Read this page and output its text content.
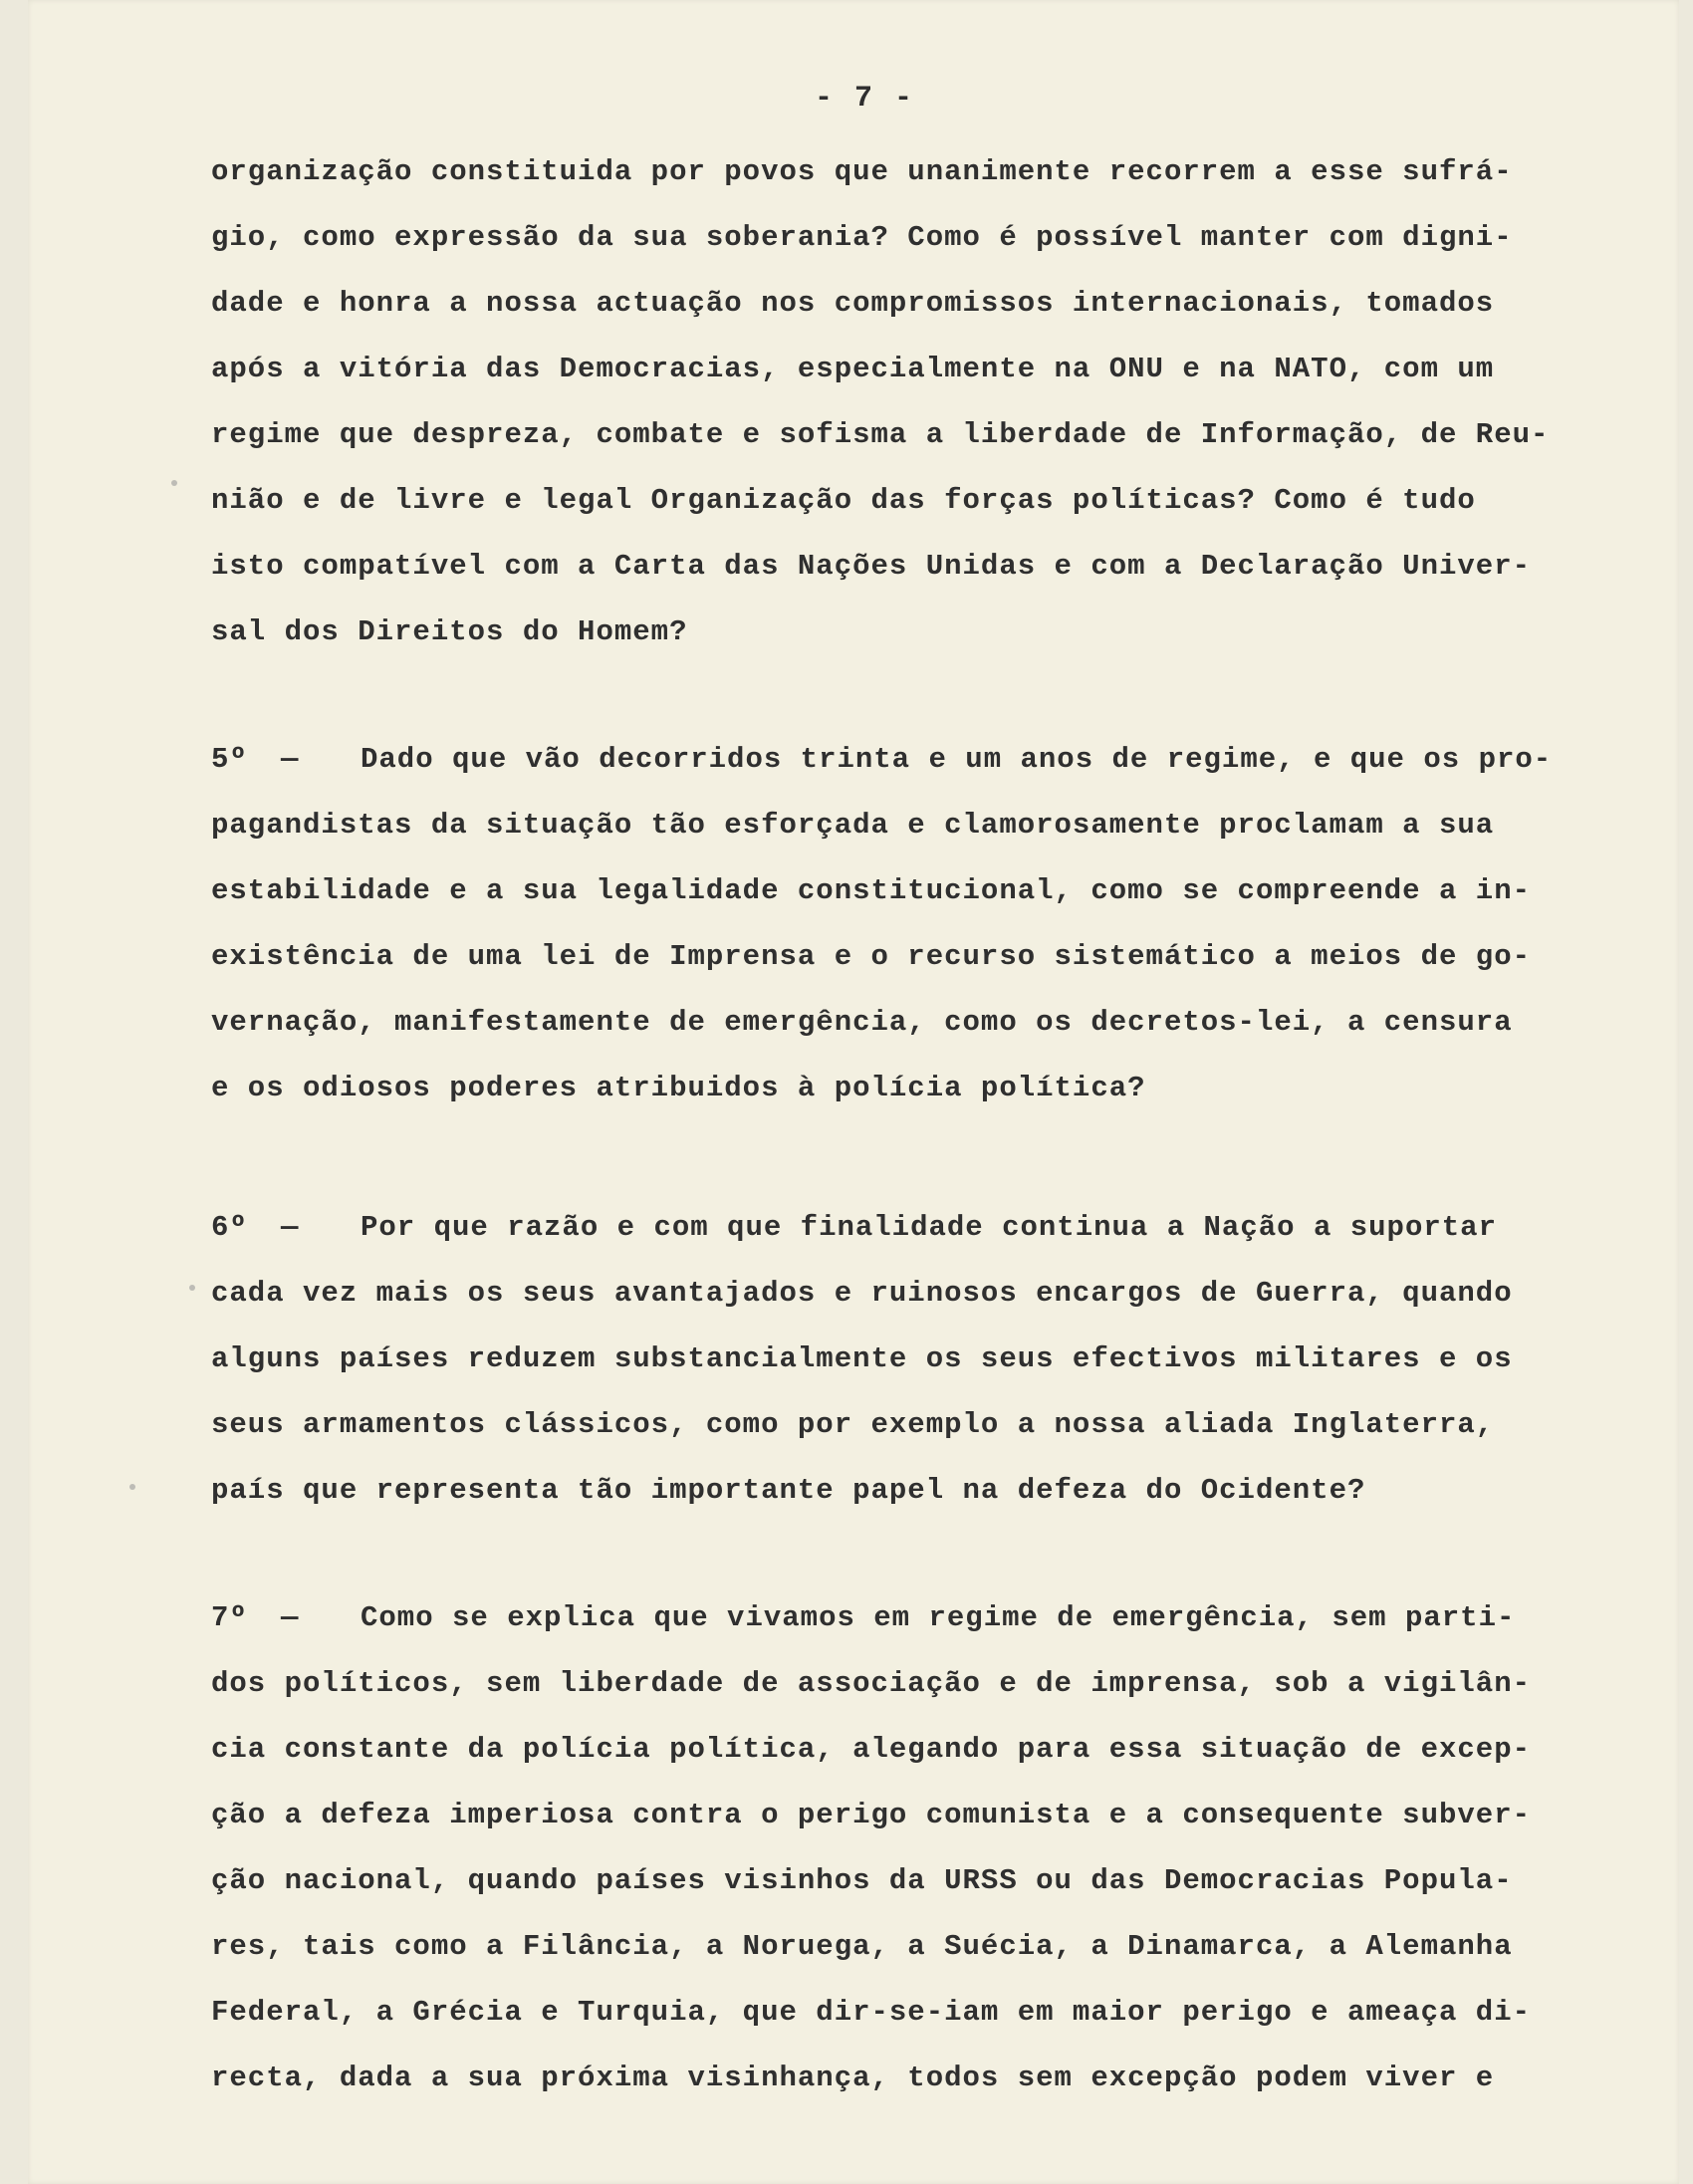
- 7 -
organização constituida por povos que unanimente recorrem a esse sufrá-
gio, como expressão da sua soberania? Como é possível manter com digni-
dade e honra a nossa actuação nos compromissos internacionais, tomados
após a vitória das Democracias, especialmente na ONU e na NATO, com um
regime que despreza, combate e sofisma a liberdade de Informação, de Reu-
nião e de livre e legal Organização das forças políticas? Como é tudo
isto compatível com a Carta das Nações Unidas e com a Declaração Univer-
sal dos Direitos do Homem?
5º — Dado que vão decorridos trinta e um anos de regime, e que os pro-
pagandistas da situação tão esforçada e clamorosamente proclamam a sua
estabilidade e a sua legalidade constitucional, como se compreende a in-
existência de uma lei de Imprensa e o recurso sistemático a meios de go-
vernação, manifestamente de emergência, como os decretos-lei, a censura
e os odiosos poderes atribuidos à polícia política?
6º — Por que razão e com que finalidade continua a Nação a suportar
cada vez mais os seus avantajados e ruinosos encargos de Guerra, quando
alguns países reduzem substancialmente os seus efectivos militares e os
seus armamentos clássicos, como por exemplo a nossa aliada Inglaterra,
país que representa tão importante papel na defeza do Ocidente?
7º — Como se explica que vivamos em regime de emergência, sem parti-
dos políticos, sem liberdade de associação e de imprensa, sob a vigilân-
cia constante da polícia política, alegando para essa situação de excep-
ção a defeza imperiosa contra o perigo comunista e a consequente subver-
ção nacional, quando países visinhos da URSS ou das Democracias Popula-
res, tais como a Filância, a Noruega, a Suécia, a Dinamarca, a Alemanha
Federal, a Grécia e Turquia, que dir-se-iam em maior perigo e ameaça di-
recta, dada a sua próxima visinhança, todos sem excepção podem viver e
